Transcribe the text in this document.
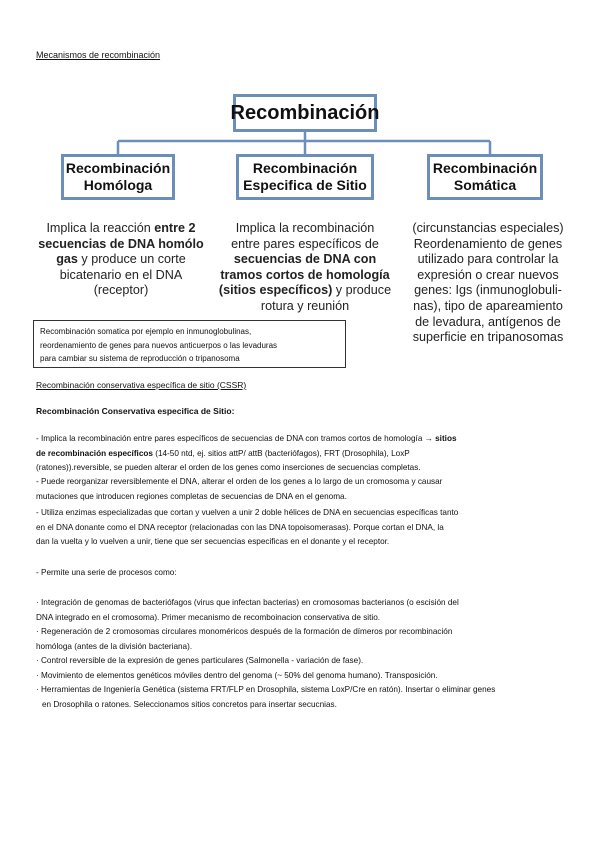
Mecanismos de recombinación
Recombinación
Recombinación
Homóloga
Recombinación
Especifica de Sitio
Recombinación
Somática
Implica la reacción entre 2
secuencias de DNA homólo
gas y produce un corte
bicatenario en el DNA
(receptor)
Implica la recombinación
entre pares específicos de
secuencias de DNA con
tramos cortos de homología
(sitios específicos) y produce
rotura y reunión
(circunstancias especiales)
Reordenamiento de genes
utilizado para controlar la
expresión o crear nuevos
genes: Igs (inmunoglobuli-
nas), tipo de apareamiento
de levadura, antígenos de
superficie en tripanosomas
Recombinación somatica por ejemplo en inmunoglobulinas,
reordenamiento de genes para nuevos anticuerpos o las levaduras
para cambiar su sistema de reproducción o tripanosoma
Recombinación conservativa específica de sitio (CSSR)
Recombinación Conservativa especifica de Sitio:
- Implica la recombinación entre pares específicos de secuencias de DNA con tramos cortos de homología → sitios
de recombinación específicos (14-50 ntd, ej. sitios attP/ attB (bacteriófagos), FRT (Drosophila), LoxP
(ratones)).reversible, se pueden alterar el orden de los genes como inserciones de secuencias completas.
- Puede reorganizar reversiblemente el DNA, alterar el orden de los genes a lo largo de un cromosoma y causar
mutaciones que introducen regiones completas de secuencias de DNA en el genoma.
- Utiliza enzimas especializadas que cortan y vuelven a unir 2 doble hélices de DNA en secuencias específicas tanto
en el DNA donante como el DNA receptor (relacionadas con las DNA topoisomerasas). Porque cortan el DNA, la
dan la vuelta y lo vuelven a unir, tiene que ser secuencias especificas en el donante y el receptor.
- Permite una serie de procesos como:
· Integración de genomas de bacteriófagos (virus que infectan bacterias) en cromosomas bacterianos (o escisión del
DNA integrado en el cromosoma). Primer mecanismo de recomboinacion conservativa de sitio.
· Regeneración de 2 cromosomas circulares monoméricos después de la formación de dímeros por recombinación
homóloga (antes de la división bacteriana).
· Control reversible de la expresión de genes particulares (Salmonella - variación de fase).
· Movimiento de elementos genéticos móviles dentro del genoma (~ 50% del genoma humano). Transposición.
· Herramientas de Ingeniería Genética (sistema FRT/FLP en Drosophila, sistema LoxP/Cre en ratón). Insertar o eliminar genes
en Drosophila o ratones. Seleccionamos sitios concretos para insertar secucnias.
